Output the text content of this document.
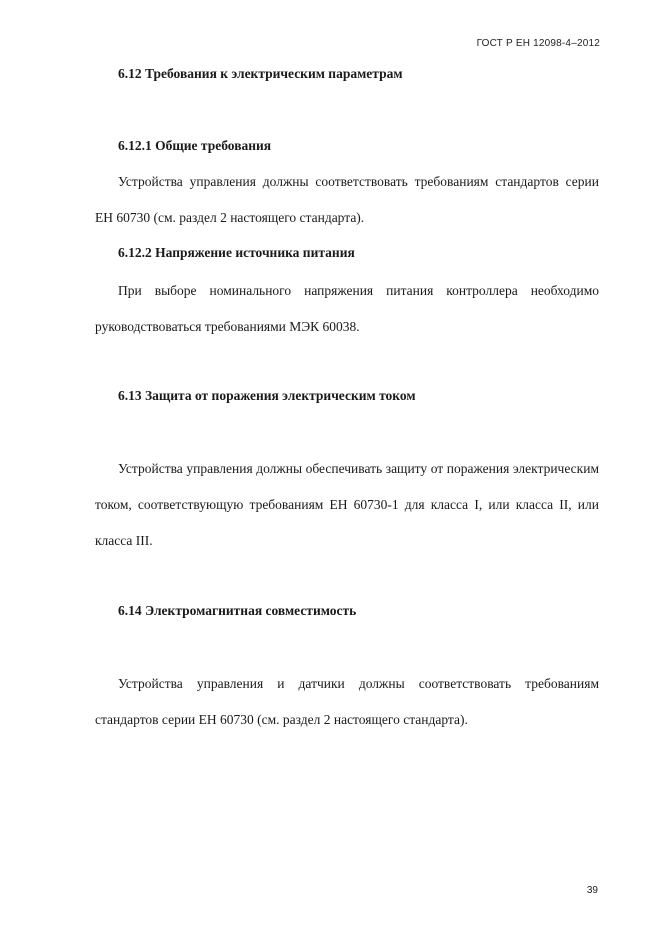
ГОСТ Р ЕН 12098-4–2012
6.12 Требования к электрическим параметрам
6.12.1 Общие требования

Устройства управления должны соответствовать требованиям стандартов серии ЕН 60730 (см. раздел 2 настоящего стандарта).

6.12.2 Напряжение источника питания

При выборе номинального напряжения питания контроллера необходимо руководствоваться требованиями МЭК 60038.

6.13 Защита от поражения электрическим током

Устройства управления должны обеспечивать защиту от поражения электрическим током, соответствующую требованиям ЕН 60730-1 для класса I, или класса II, или класса III.

6.14 Электромагнитная совместимость

Устройства управления и датчики должны соответствовать требованиям стандартов серии ЕН 60730 (см. раздел 2 настоящего стандарта).

39
